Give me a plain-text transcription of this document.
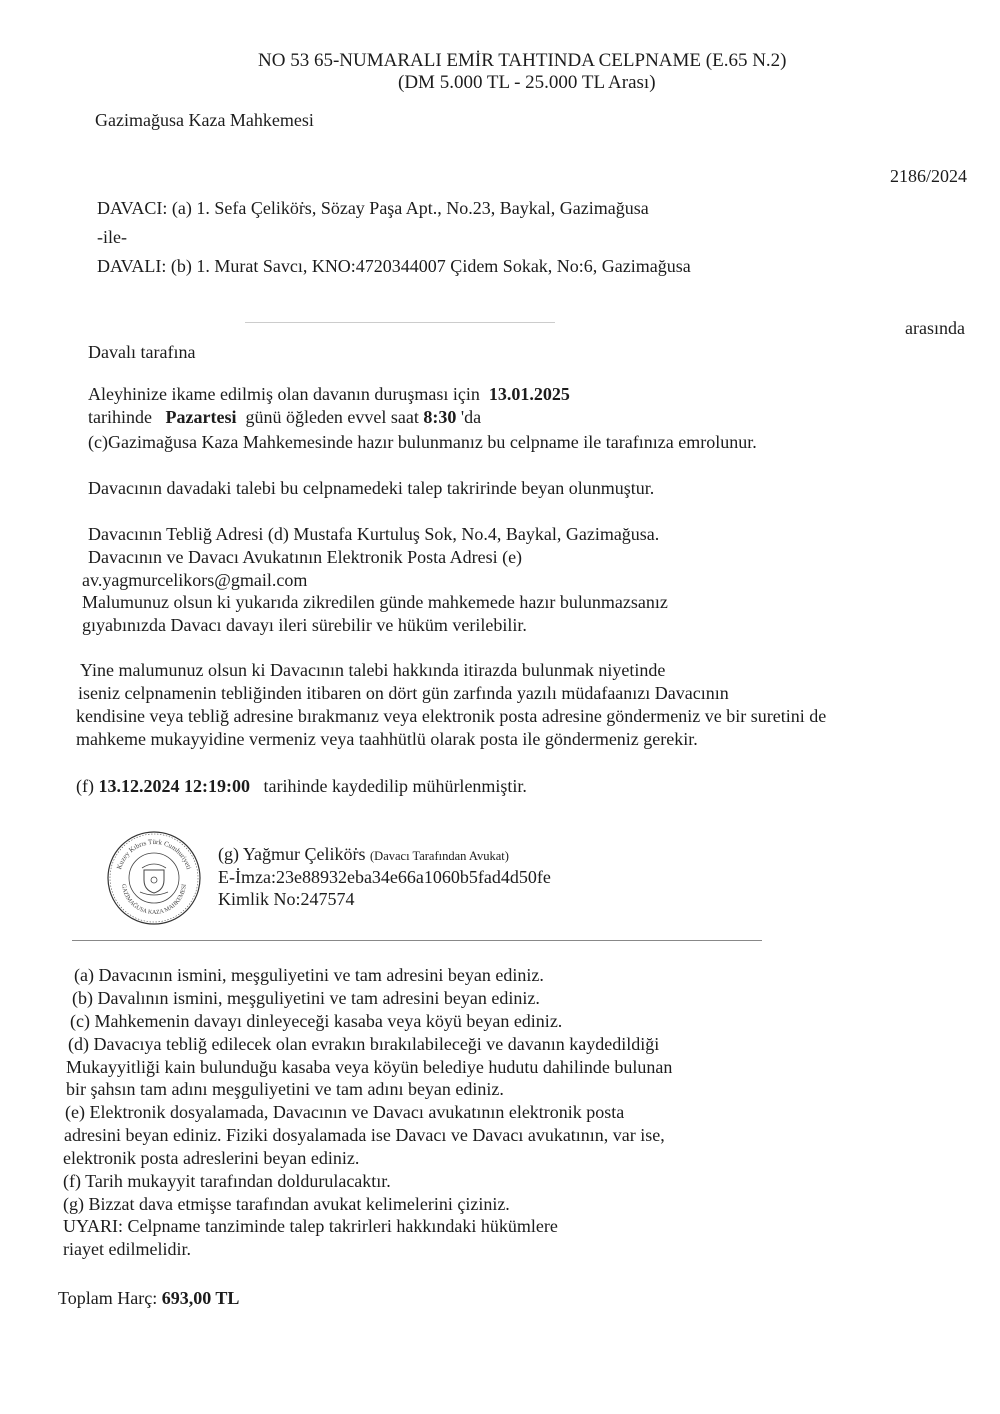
NO 53 65-NUMARALI EMİR TAHTINDA CELPNAME (E.65 N.2)
(DM 5.000 TL - 25.000 TL Arası)
Gazimağusa Kaza Mahkemesi
2186/2024
DAVACI: (a) 1. Sefa Çeliköṙs, Sözay Paşa Apt., No.23, Baykal, Gazimağusa
-ile-
DAVALI: (b) 1. Murat Savcı, KNO:4720344007 Çidem Sokak, No:6, Gazimağusa
arasında
Davalı tarafına
Aleyhinize ikame edilmiş olan davanın duruşması için 13.01.2025
tarihinde Pazartesi günü öğleden evvel saat 8:30 'da
(c)Gazimağusa Kaza Mahkemesinde hazır bulunmanız bu celpname ile tarafınıza emrolunur.
Davacının davadaki talebi bu celpnamedeki talep takririnde beyan olunmuştur.
Davacının Tebliğ Adresi (d) Mustafa Kurtuluş Sok, No.4, Baykal, Gazimağusa.
Davacının ve Davacı Avukatının Elektronik Posta Adresi (e)
av.yagmurcelikors@gmail.com
Malumunuz olsun ki yukarıda zikredilen günde mahkemede hazır bulunmazsanız
gıyabınızda Davacı davayı ileri sürebilir ve hüküm verilebilir.
Yine malumunuz olsun ki Davacının talebi hakkında itirazda bulunmak niyetinde
iseniz celpnamenin tebliğinden itibaren on dört gün zarfında yazılı müdafaanızı Davacının
kendisine veya tebliğ adresine bırakmanız veya elektronik posta adresine göndermeniz ve bir suretini de
mahkeme mukayyidine vermeniz veya taahhütlü olarak posta ile göndermeniz gerekir.
(f) 13.12.2024 12:19:00 tarihinde kaydedilip mühürlenmiştir.
Kuzey Kıbrıs Türk Cumhuriyeti
GAZİMAĞUSA KAZA MAHKEMESİ
(g) Yağmur Çeliköṙs (Davacı Tarafından Avukat)
E-İmza:23e88932eba34e66a1060b5fad4d50fe
Kimlik No:247574
(a) Davacının ismini, meşguliyetini ve tam adresini beyan ediniz.
(b) Davalının ismini, meşguliyetini ve tam adresini beyan ediniz.
(c) Mahkemenin davayı dinleyeceği kasaba veya köyü beyan ediniz.
(d) Davacıya tebliğ edilecek olan evrakın bırakılabileceği ve davanın kaydedildiği
Mukayyitliği kain bulunduğu kasaba veya köyün belediye hudutu dahilinde bulunan
bir şahsın tam adını meşguliyetini ve tam adını beyan ediniz.
(e) Elektronik dosyalamada, Davacının ve Davacı avukatının elektronik posta
adresini beyan ediniz. Fiziki dosyalamada ise Davacı ve Davacı avukatının, var ise,
elektronik posta adreslerini beyan ediniz.
(f) Tarih mukayyit tarafından doldurulacaktır.
(g) Bizzat dava etmişse tarafından avukat kelimelerini çiziniz.
UYARI: Celpname tanziminde talep takrirleri hakkındaki hükümlere
riayet edilmelidir.
Toplam Harç: 693,00 TL
